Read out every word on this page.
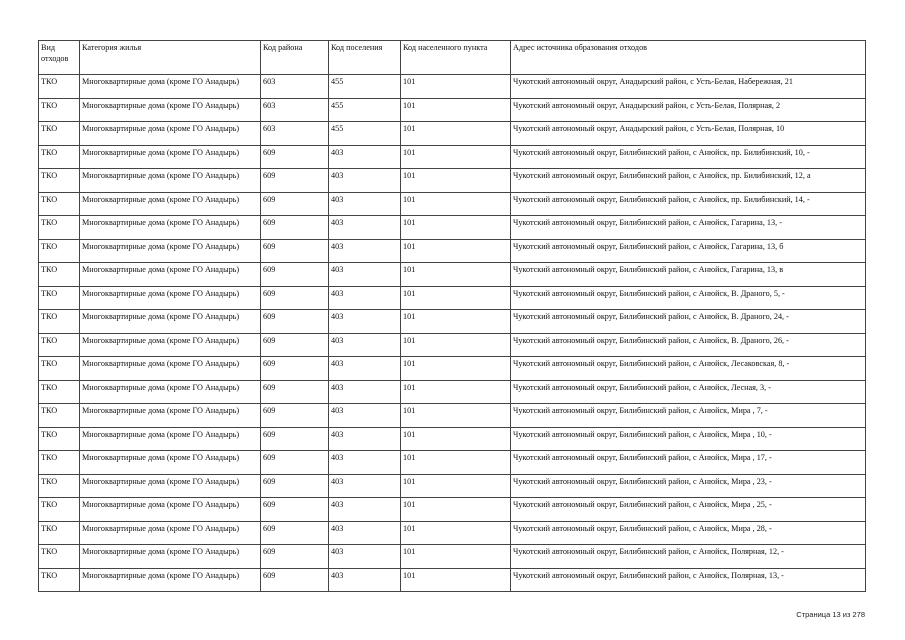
Вид отходов	Категория жилья	Код района	Код поселения	Код населенного пункта	Адрес источника образования отходов
ТКО	Многоквартирные дома (кроме ГО Анадырь)	603	455	101	Чукотский автономный округ, Анадырский район, с Усть-Белая, Набережная, 21
ТКО	Многоквартирные дома (кроме ГО Анадырь)	603	455	101	Чукотский автономный округ, Анадырский район, с Усть-Белая, Полярная, 2
ТКО	Многоквартирные дома (кроме ГО Анадырь)	603	455	101	Чукотский автономный округ, Анадырский район, с Усть-Белая, Полярная, 10
ТКО	Многоквартирные дома (кроме ГО Анадырь)	609	403	101	Чукотский автономный округ, Билибинский район, с Анюйск, пр. Билибинский, 10, -
ТКО	Многоквартирные дома (кроме ГО Анадырь)	609	403	101	Чукотский автономный округ, Билибинский район, с Анюйск, пр. Билибинский, 12, а
ТКО	Многоквартирные дома (кроме ГО Анадырь)	609	403	101	Чукотский автономный округ, Билибинский район, с Анюйск, пр. Билибинский, 14, -
ТКО	Многоквартирные дома (кроме ГО Анадырь)	609	403	101	Чукотский автономный округ, Билибинский район, с Анюйск, Гагарина, 13, -
ТКО	Многоквартирные дома (кроме ГО Анадырь)	609	403	101	Чукотский автономный округ, Билибинский район, с Анюйск, Гагарина, 13, б
ТКО	Многоквартирные дома (кроме ГО Анадырь)	609	403	101	Чукотский автономный округ, Билибинский район, с Анюйск, Гагарина, 13, в
ТКО	Многоквартирные дома (кроме ГО Анадырь)	609	403	101	Чукотский автономный округ, Билибинский район, с Анюйск, В. Драного, 5, -
ТКО	Многоквартирные дома (кроме ГО Анадырь)	609	403	101	Чукотский автономный округ, Билибинский район, с Анюйск, В. Драного, 24, -
ТКО	Многоквартирные дома (кроме ГО Анадырь)	609	403	101	Чукотский автономный округ, Билибинский район, с Анюйск, В. Драного, 26, -
ТКО	Многоквартирные дома (кроме ГО Анадырь)	609	403	101	Чукотский автономный округ, Билибинский район, с Анюйск, Лесаковская, 8, -
ТКО	Многоквартирные дома (кроме ГО Анадырь)	609	403	101	Чукотский автономный округ, Билибинский район, с Анюйск, Лесная, 3, -
ТКО	Многоквартирные дома (кроме ГО Анадырь)	609	403	101	Чукотский автономный округ, Билибинский район, с Анюйск, Мира , 7, -
ТКО	Многоквартирные дома (кроме ГО Анадырь)	609	403	101	Чукотский автономный округ, Билибинский район, с Анюйск, Мира , 10, -
ТКО	Многоквартирные дома (кроме ГО Анадырь)	609	403	101	Чукотский автономный округ, Билибинский район, с Анюйск, Мира , 17, -
ТКО	Многоквартирные дома (кроме ГО Анадырь)	609	403	101	Чукотский автономный округ, Билибинский район, с Анюйск, Мира , 23, -
ТКО	Многоквартирные дома (кроме ГО Анадырь)	609	403	101	Чукотский автономный округ, Билибинский район, с Анюйск, Мира , 25, -
ТКО	Многоквартирные дома (кроме ГО Анадырь)	609	403	101	Чукотский автономный округ, Билибинский район, с Анюйск, Мира , 28, -
ТКО	Многоквартирные дома (кроме ГО Анадырь)	609	403	101	Чукотский автономный округ, Билибинский район, с Анюйск, Полярная, 12, -
ТКО	Многоквартирные дома (кроме ГО Анадырь)	609	403	101	Чукотский автономный округ, Билибинский район, с Анюйск, Полярная, 13, -
Страница 13 из 278
